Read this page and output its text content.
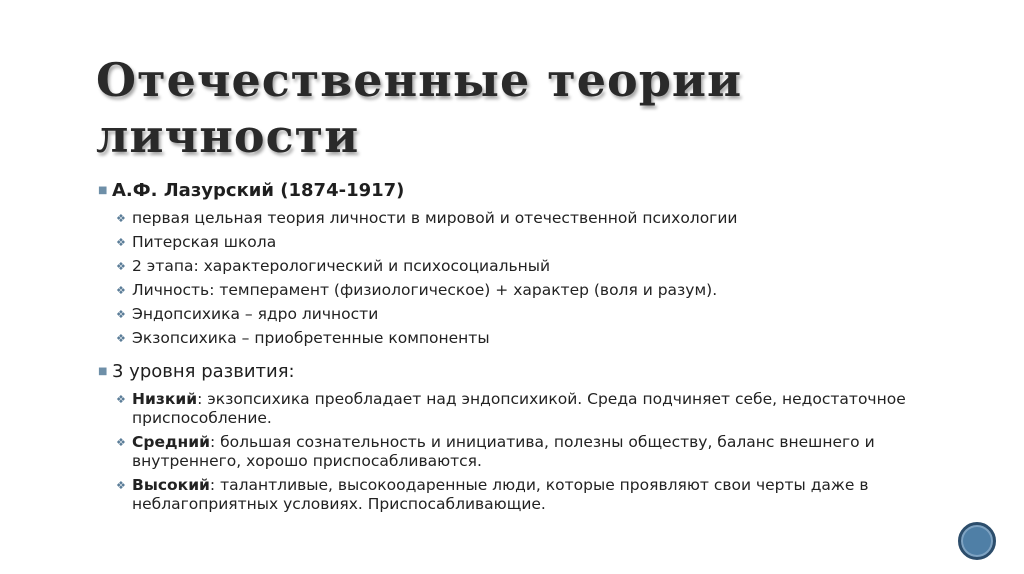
Отечественные теории
личности
■ А.Ф. Лазурский (1874-1917)
❖ первая цельная теория личности в мировой и отечественной психологии
❖ Питерская школа
❖ 2 этапа: характерологический и психосоциальный
❖ Личность: темперамент (физиологическое) + характер (воля и разум).
❖ Эндопсихика – ядро личности
❖ Экзопсихика – приобретенные компоненты
■ 3 уровня развития:
❖ Низкий: экзопсихика преобладает над эндопсихикой. Среда подчиняет себе, недостаточное приспособление.
❖ Средний: большая сознательность и инициатива, полезны обществу, баланс внешнего и внутреннего, хорошо приспосабливаются.
❖ Высокий: талантливые, высокоодаренные люди, которые проявляют свои черты даже в неблагоприятных условиях. Приспосабливающие.
